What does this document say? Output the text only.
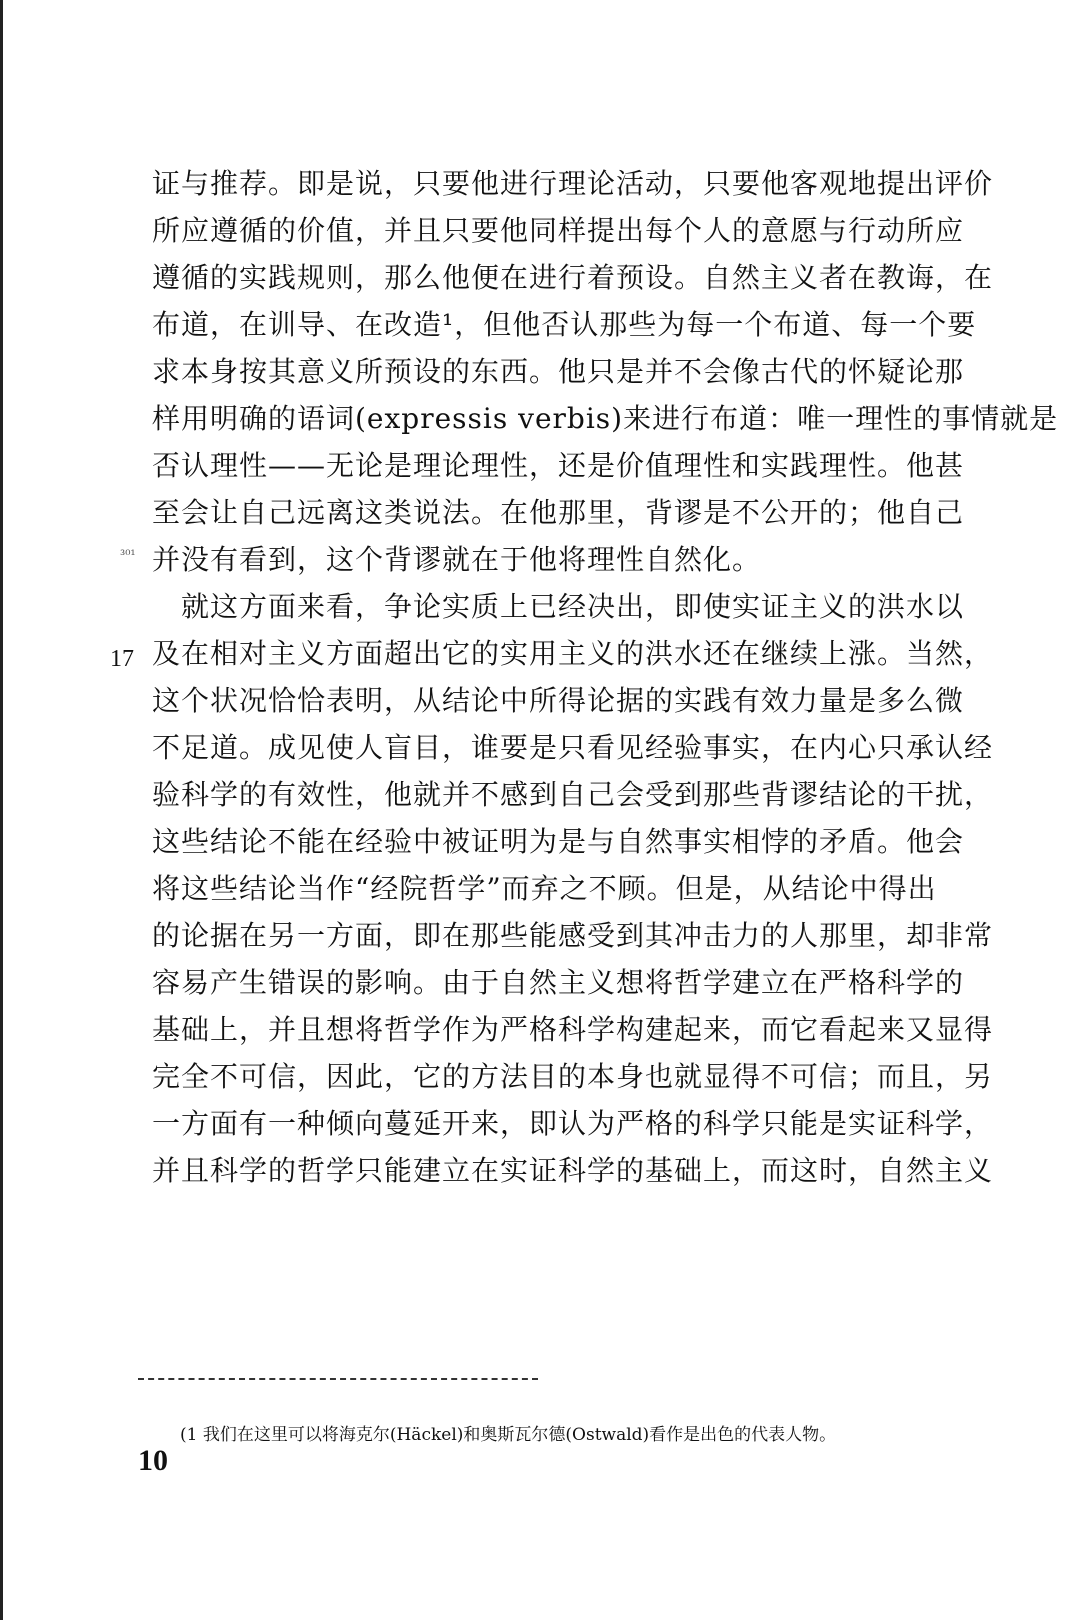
³⁰¹
17
证与推荐。即是说，只要他进行理论活动，只要他客观地提出评价
所应遵循的价值，并且只要他同样提出每个人的意愿与行动所应
遵循的实践规则，那么他便在进行着预设。自然主义者在教诲，在
布道，在训导、在改造¹，但他否认那些为每一个布道、每一个要
求本身按其意义所预设的东西。他只是并不会像古代的怀疑论那
样用明确的语词(expressis verbis)来进行布道：唯一理性的事情就是
否认理性——无论是理论理性，还是价值理性和实践理性。他甚
至会让自己远离这类说法。在他那里，背谬是不公开的；他自己
并没有看到，这个背谬就在于他将理性自然化。
　就这方面来看，争论实质上已经决出，即使实证主义的洪水以
及在相对主义方面超出它的实用主义的洪水还在继续上涨。当然，
这个状况恰恰表明，从结论中所得论据的实践有效力量是多么微
不足道。成见使人盲目，谁要是只看见经验事实，在内心只承认经
验科学的有效性，他就并不感到自己会受到那些背谬结论的干扰，
这些结论不能在经验中被证明为是与自然事实相悖的矛盾。他会
将这些结论当作“经院哲学”而弃之不顾。但是，从结论中得出
的论据在另一方面，即在那些能感受到其冲击力的人那里，却非常
容易产生错误的影响。由于自然主义想将哲学建立在严格科学的
基础上，并且想将哲学作为严格科学构建起来，而它看起来又显得
完全不可信，因此，它的方法目的本身也就显得不可信；而且，另
一方面有一种倾向蔓延开来，即认为严格的科学只能是实证科学，
并且科学的哲学只能建立在实证科学的基础上，而这时，自然主义
(1 我们在这里可以将海克尔(Häckel)和奥斯瓦尔德(Ostwald)看作是出色的代表人物。
10
